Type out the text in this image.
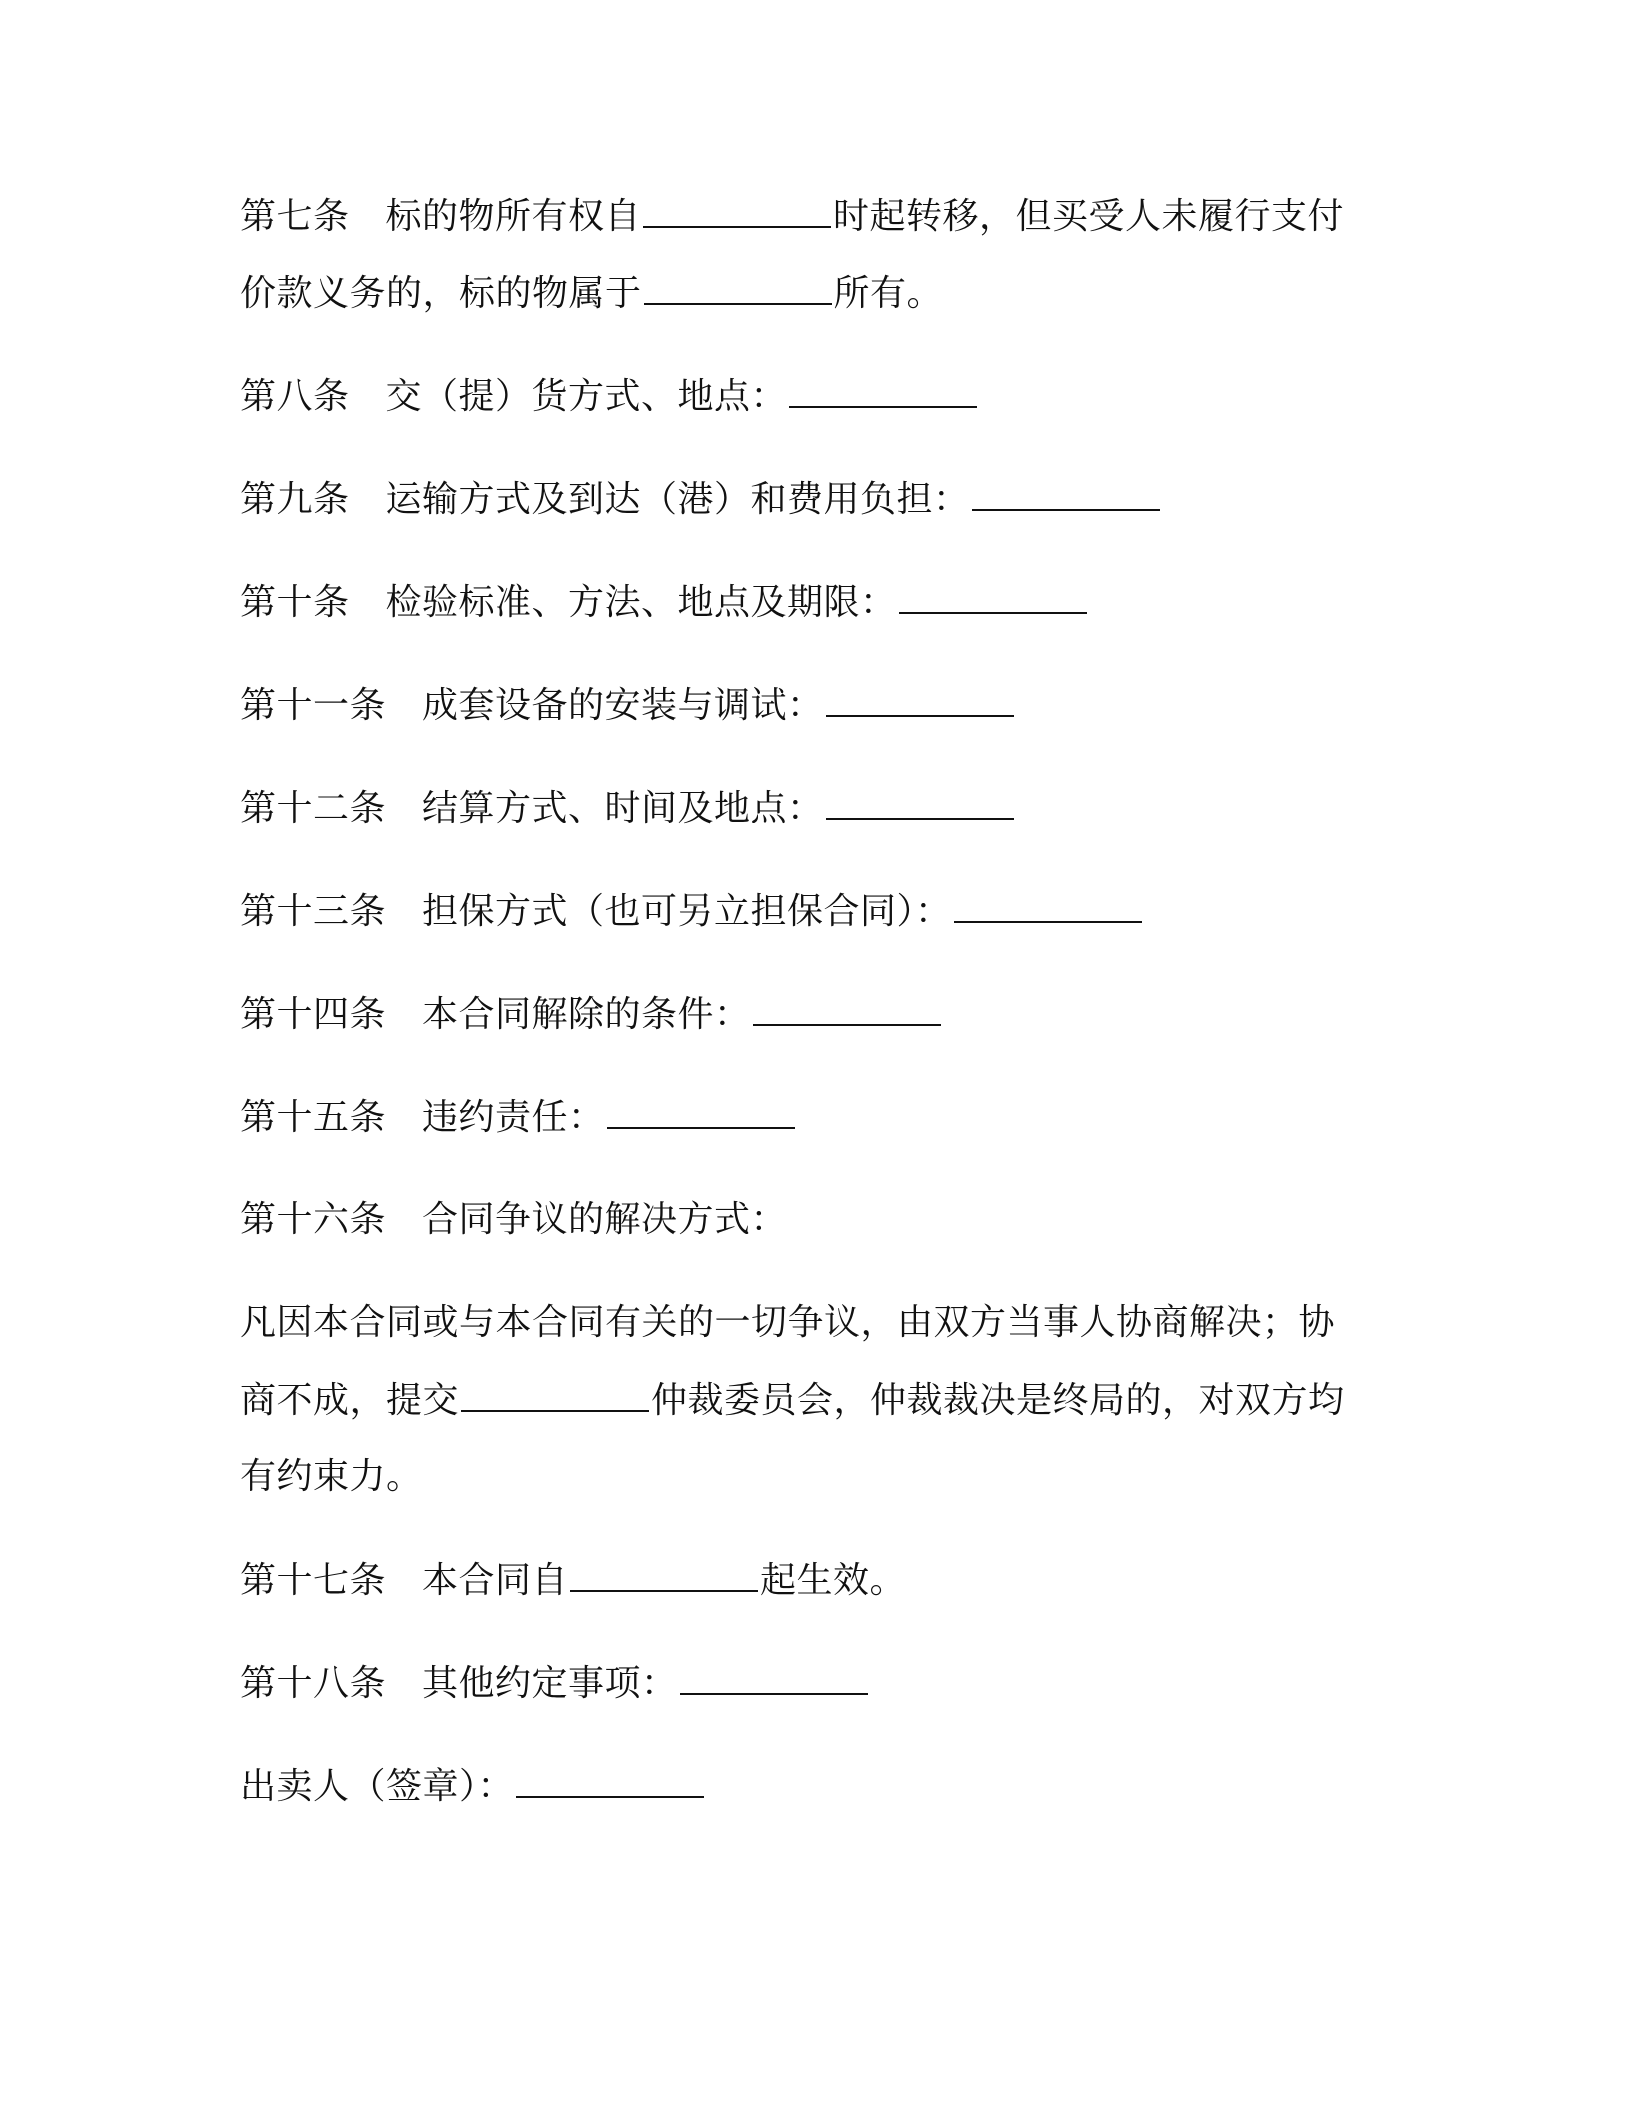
第七条 标的物所有权自	时起转移，但买受人未履行支付
价款义务的，标的物属于	所有。
第八条 交（提）货方式、地点：
第九条 运输方式及到达（港）和费用负担：
第十条 检验标准、方法、地点及期限：
第十一条 成套设备的安装与调试：
第十二条 结算方式、时间及地点：
第十三条 担保方式（也可另立担保合同）：
第十四条 本合同解除的条件：
第十五条 违约责任：
第十六条 合同争议的解决方式：
凡因本合同或与本合同有关的一切争议，由双方当事人协商解决；协
商不成，提交	仲裁委员会，仲裁裁决是终局的，对双方均
有约束力。
第十七条 本合同自	起生效。
第十八条 其他约定事项：
出卖人（签章）：
